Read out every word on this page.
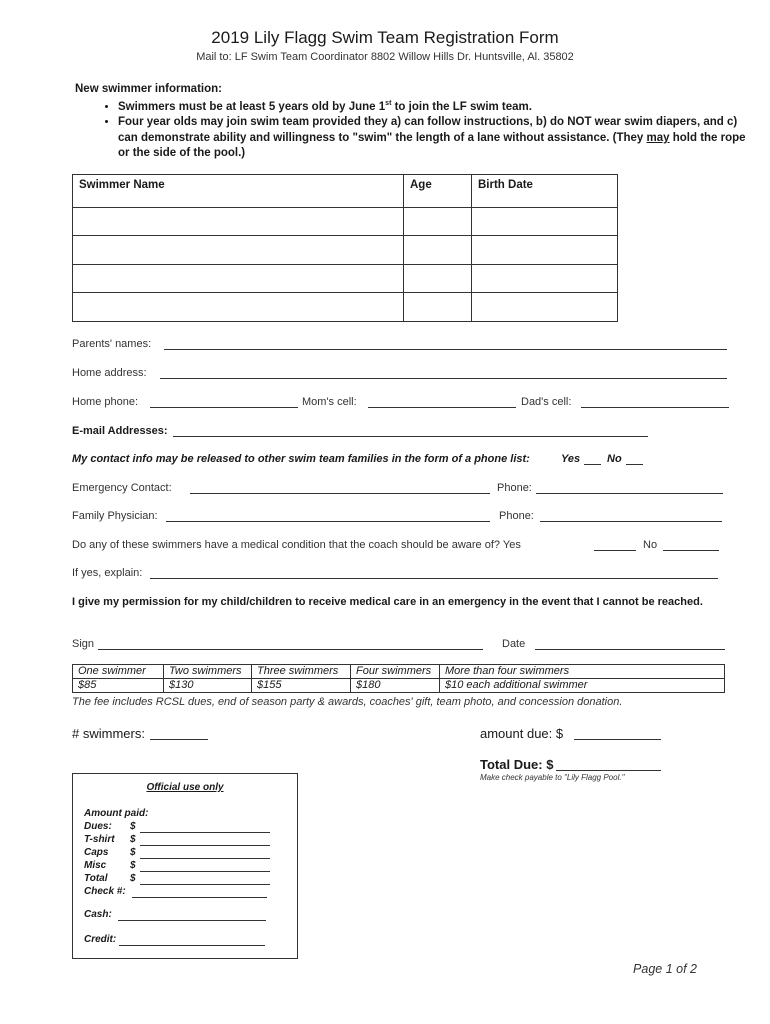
2019 Lily Flagg Swim Team Registration Form
Mail to: LF Swim Team Coordinator 8802 Willow Hills Dr. Huntsville, Al. 35802
New swimmer information:
• Swimmers must be at least 5 years old by June 1st to join the LF swim team.
• Four year olds may join swim team provided they a) can follow instructions, b) do NOT wear swim diapers, and c) can demonstrate ability and willingness to "swim" the length of a lane without assistance. (They may hold the rope or the side of the pool.)
Swimmer Name	Age	Birth Date

Parents' names:
Home address:
Home phone:	Mom's cell:	Dad's cell:
E-mail Addresses:
My contact info may be released to other swim team families in the form of a phone list:	Yes No
Emergency Contact:	Phone:
Family Physician:	Phone:
Do any of these swimmers have a medical condition that the coach should be aware of? Yes	No
If yes, explain:
I give my permission for my child/children to receive medical care in an emergency in the event that I cannot be reached.
Sign	Date
One swimmer	Two swimmers	Three swimmers	Four swimmers	More than four swimmers
$85	$130	$155	$180	$10 each additional swimmer
The fee includes RCSL dues, end of season party & awards, coaches' gift, team photo, and concession donation.
# swimmers:	amount due: $
Total Due: $
Make check payable to "Lily Flagg Pool."
Official use only
Amount paid:
Dues: $
T-shirt $
Caps $
Misc $
Total $
Check #:
Cash:
Credit:
Page 1 of 2
